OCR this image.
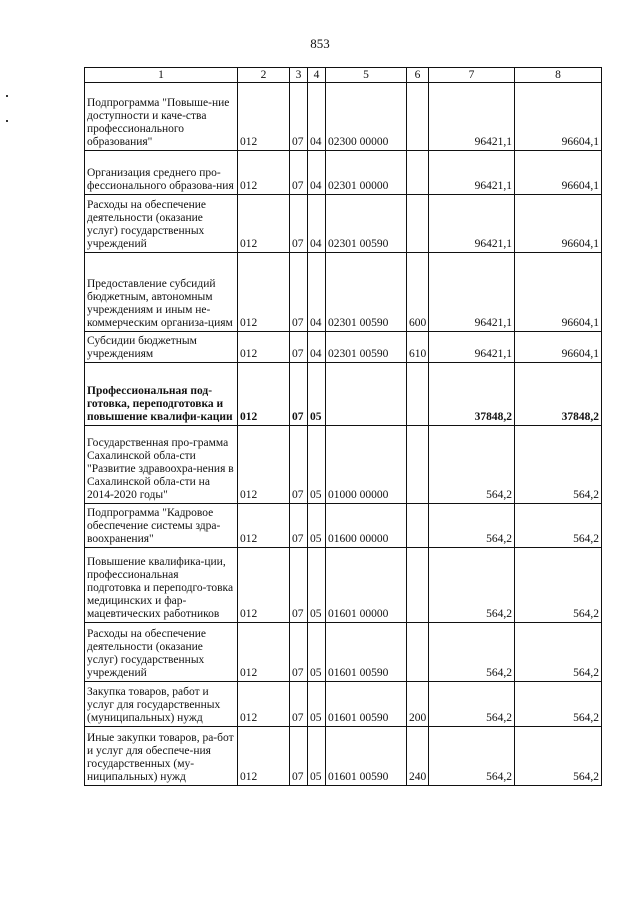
853
1	2	3	4	5	6	7	8
Подпрограмма "Повыше-ние доступности и каче-ства профессионального образования"	012	07	04	02300 00000		96421,1	96604,1
Организация среднего про-фессионального образова-ния	012	07	04	02301 00000		96421,1	96604,1
Расходы на обеспечение деятельности (оказание услуг) государственных учреждений	012	07	04	02301 00590		96421,1	96604,1
Предоставление субсидий бюджетным, автономным учреждениям и иным не-коммерческим организа-циям	012	07	04	02301 00590	600	96421,1	96604,1
Субсидии бюджетным учреждениям	012	07	04	02301 00590	610	96421,1	96604,1
Профессиональная под-готовка, переподготовка и повышение квалифи-кации	012	07	05			37848,2	37848,2
Государственная про-грамма Сахалинской обла-сти "Развитие здравоохра-нения в Сахалинской обла-сти на 2014-2020 годы"	012	07	05	01000 00000		564,2	564,2
Подпрограмма "Кадровое обеспечение системы здра-воохранения"	012	07	05	01600 00000		564,2	564,2
Повышение квалифика-ции, профессиональная подготовка и переподго-товка медицинских и фар-мацевтических работников	012	07	05	01601 00000		564,2	564,2
Расходы на обеспечение деятельности (оказание услуг) государственных учреждений	012	07	05	01601 00590		564,2	564,2
Закупка товаров, работ и услуг для государственных (муниципальных) нужд	012	07	05	01601 00590	200	564,2	564,2
Иные закупки товаров, ра-бот и услуг для обеспече-ния государственных (му-ниципальных) нужд	012	07	05	01601 00590	240	564,2	564,2
